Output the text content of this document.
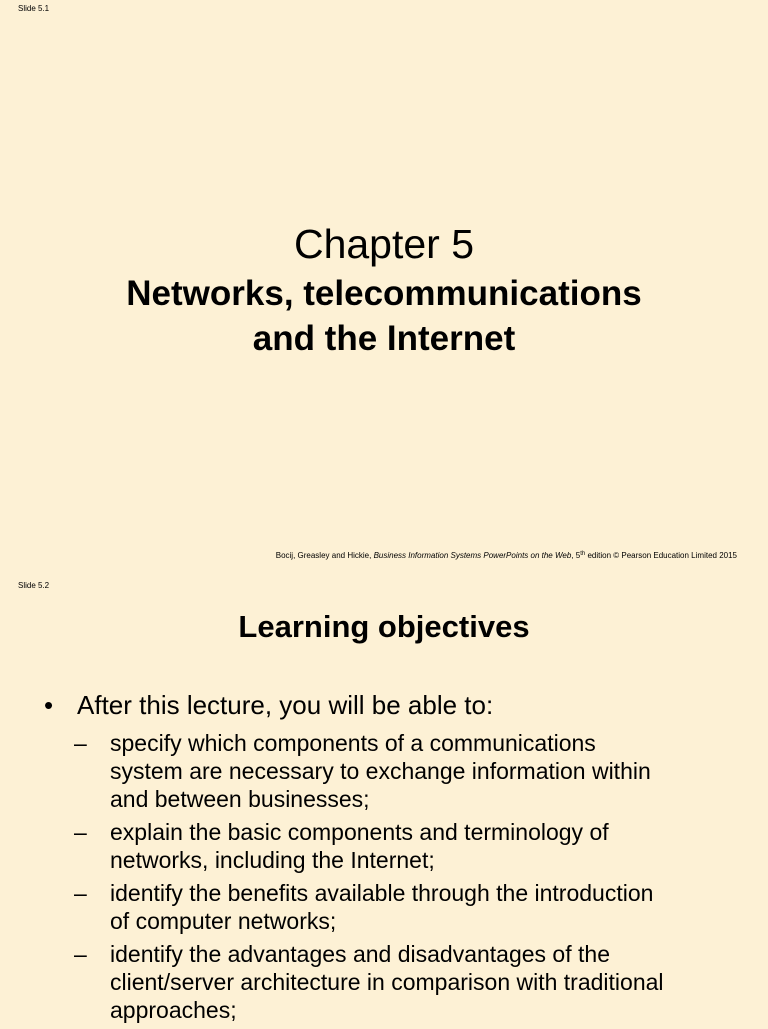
Slide 5.1
Chapter 5
Networks, telecommunications
and the Internet
Bocij, Greasley and Hickie, Business Information Systems PowerPoints on the Web, 5th edition © Pearson Education Limited 2015
Slide 5.2
Learning objectives
• After this lecture, you will be able to:
– specify which components of a communications
system are necessary to exchange information within
and between businesses;
– explain the basic components and terminology of
networks, including the Internet;
– identify the benefits available through the introduction
of computer networks;
– identify the advantages and disadvantages of the
client/server architecture in comparison with traditional
approaches;
